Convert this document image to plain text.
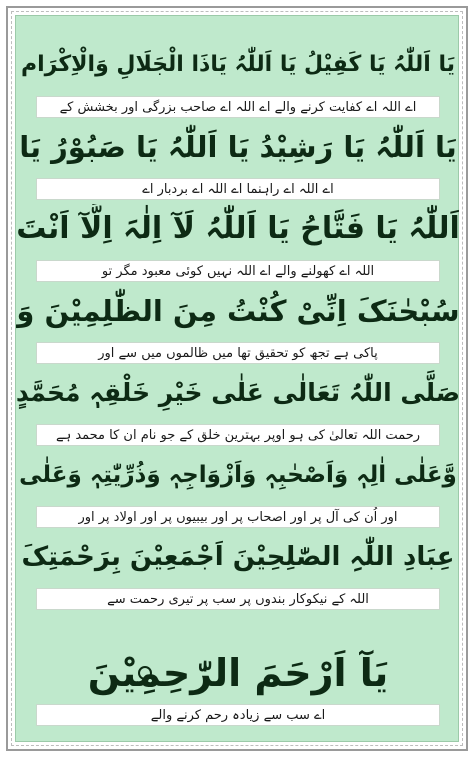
یَا اَللّٰہُ یَا کَفِیْلُ یَا اَللّٰہُ یَاذَا الْجَلَالِ وَالْاِکْرَام
اے اللہ اے کفایت کرنے والے اے اللہ اے صاحب بزرگی اور بخشش کے
یَا اَللّٰہُ یَا رَشِیْدُ یَا اَللّٰہُ یَا صَبُوْرُ یَا
اے اللہ اے راہنما اے اللہ اے بردبار اے
اَللّٰہُ یَا فَتَّاحُ یَا اَللّٰہُ لَآ اِلٰہَ اِلَّآ اَنْتَ
اللہ اے کھولنے والے اے اللہ نہیں کوئی معبود مگر تو
سُبْحٰنَکَ اِنِّیْ کُنْتُ مِنَ الظّٰلِمِیْنَ وَ
پاکی ہے تجھ کو تحقیق تھا میں ظالموں میں سے اور
صَلَّی اللّٰہُ تَعَالٰی عَلٰی خَیْرِ خَلْقِہٖ مُحَمَّدٍ
رحمت اللہ تعالیٰ کی ہو اوپر بہترین خلق کے جو نام ان کا محمد ہے
وَّعَلٰی اٰلِہٖ وَاَصْحٰبِہٖ وَاَزْوَاجِہٖ وَذُرِّیّٰتِہٖ وَعَلٰی
اور اُن کی آل پر اور اصحاب پر اور بیبیوں پر اور اولاد پر اور
عِبَادِ اللّٰہِ الصّٰلِحِیْنَ اَجْمَعِیْنَ بِرَحْمَتِکَ
اللہ کے نیکوکار بندوں پر سب پر تیری رحمت سے
یَآ اَرْحَمَ الرّٰحِمِیْنَ
اے سب سے زیادہ رحم کرنے والے
